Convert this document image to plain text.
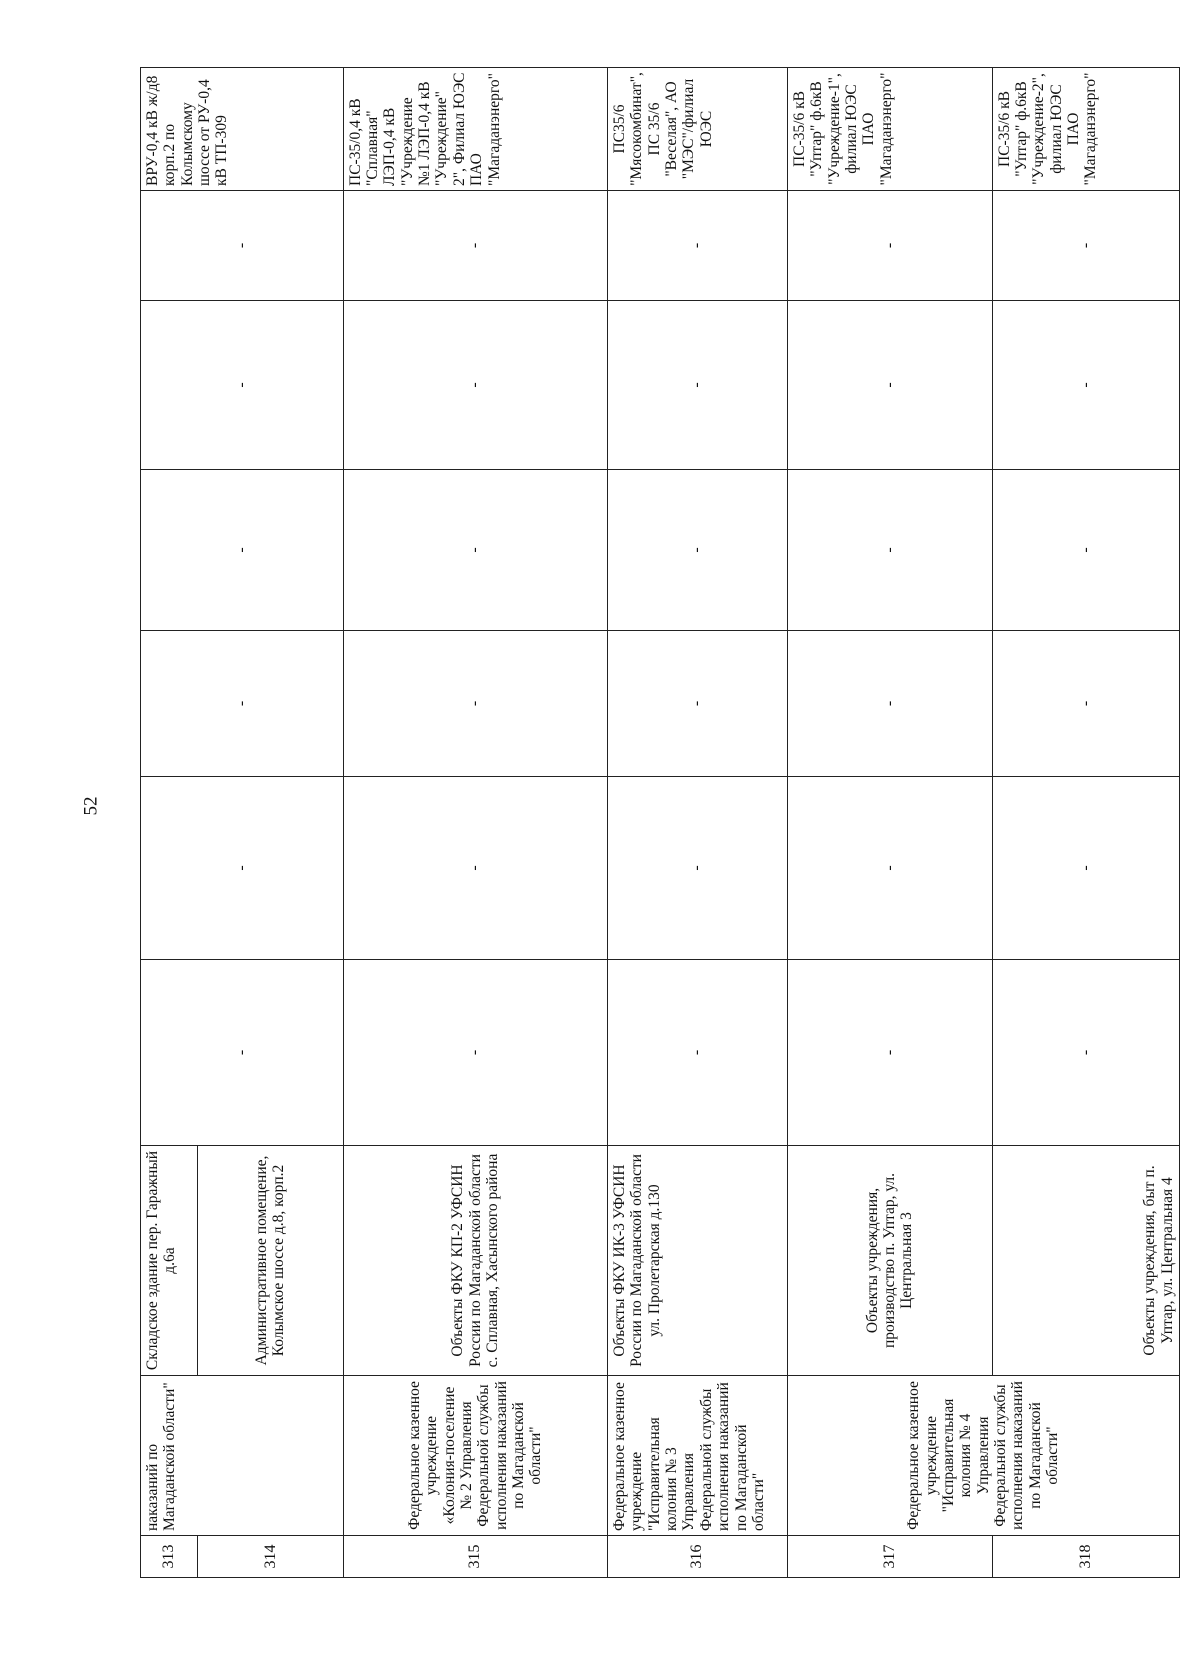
52
313	наказаний по Магаданской области"	Складское здание пер. Гаражный д.6а	-	-	-	-	-	-	ВРУ-0,4 кВ ж/д8 корп.2 по Колымскому шоссе от РУ-0,4 кВ ТП-309
314		Административное помещение, Колымское шоссе д.8, корп.2							
315	Федеральное казенное учреждение «Колония-поселение № 2 Управления Федеральной службы исполнения наказаний по Магаданской области"	Объекты ФКУ КП-2 УФСИН России по Магаданской области с. Сплавная, Хасынского района	-	-	-	-	-	-	ПС-35/0,4 кВ "Сплавная" ЛЭП-0,4 кВ "Учреждение №1 ЛЭП-0,4 кВ "Учреждение" 2", Филиал ЮЭС ПАО "Магаданэнерго"
316	Федеральное казенное учреждение "Исправительная колония № 3 Управления Федеральной службы исполнения наказаний по Магаданской области"	Объекты ФКУ ИК-3 УФСИН России по Магаданской области ул. Пролетарская д.130	-	-	-	-	-	-	ПС35/6 "Мясокомбинат", ПС 35/6 "Веселая", АО "МЭС"/филиал ЮЭС
317	Федеральное казенное учреждение "Исправительная колония № 4 Управления Федеральной службы исполнения наказаний по Магаданской области"	Объекты учреждения, производство п. Уптар, ул. Центральная 3	-	-	-	-	-	-	ПС-35/6 кВ "Уптар" ф.6кВ "Учреждение-1", филиал ЮЭС ПАО "Магаданэнерго"
318		Объекты учреждения, быт п. Уптар, ул. Центральная 4	-	-	-	-	-	-	ПС-35/6 кВ "Уптар" ф.6кВ "Учреждение-2", филиал ЮЭС ПАО "Магаданэнерго"
